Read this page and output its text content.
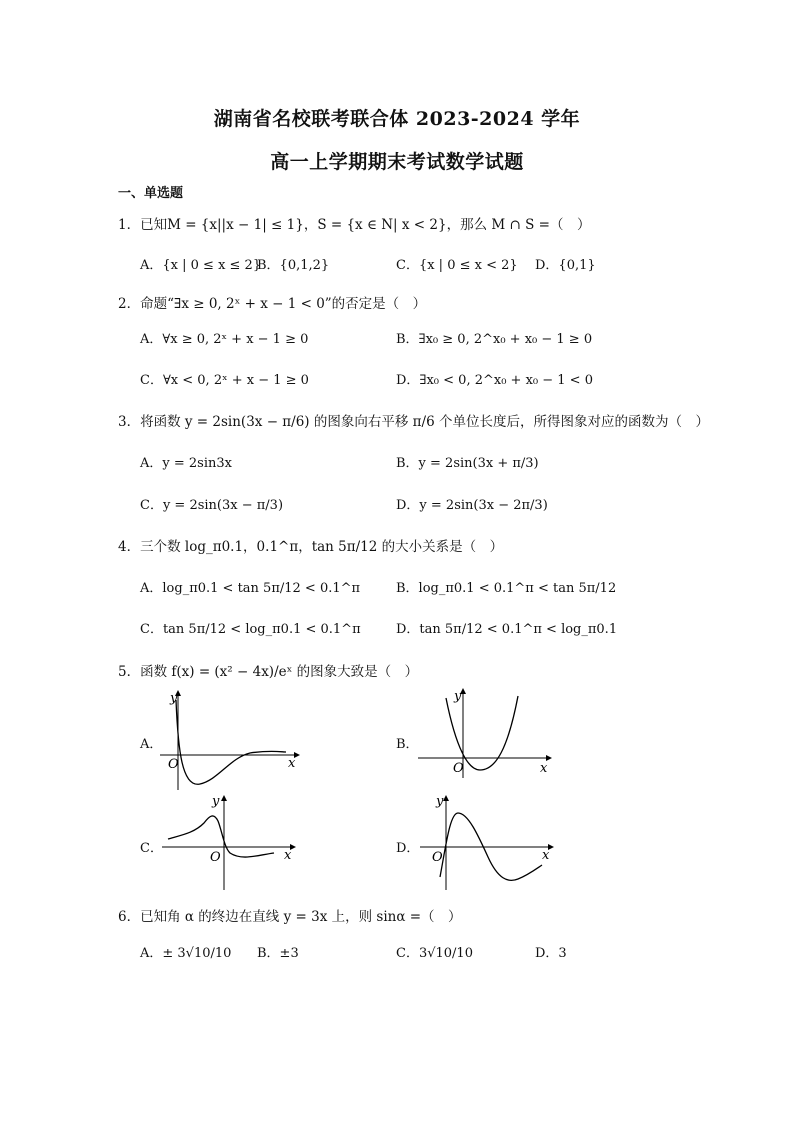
湖南省名校联考联合体 2023-2024 学年
高一上学期期末考试数学试题
一、单选题
1．已知M = {x||x − 1| ≤ 1}，S = {x ∈ N| x < 2}，那么 M ∩ S =（　）
A．{x | 0 ≤ x ≤ 2}
B．{0,1,2}	C．{x | 0 ≤ x < 2} D．{0,1}
2．命题“∃x ≥ 0, 2ˣ + x − 1 < 0”的否定是（　）
A．∀x ≥ 0, 2ˣ + x − 1 ≥ 0	B．∃x₀ ≥ 0, 2^x₀ + x₀ − 1 ≥ 0
C．∀x < 0, 2ˣ + x − 1 ≥ 0	D．∃x₀ < 0, 2^x₀ + x₀ − 1 < 0
3．将函数 y = 2sin(3x − π/6) 的图象向右平移 π/6 个单位长度后，所得图象对应的函数为（　）
A．y = 2sin3x	B．y = 2sin(3x + π/3)
C．y = 2sin(3x − π/3)	D．y = 2sin(3x − 2π/3)
4．三个数 log_π0.1，0.1^π，tan 5π/12 的大小关系是（　）
A．log_π0.1 < tan 5π/12 < 0.1^π	B．log_π0.1 < 0.1^π < tan 5π/12
C．tan 5π/12 < log_π0.1 < 0.1^π	D．tan 5π/12 < 0.1^π < log_π0.1
5．函数 f(x) = (x² − 4x)/eˣ 的图象大致是（　）
A．
y
x
O
B．
y
x
O
C．
y
x
O
D．
y
x
O
6．已知角 α 的终边在直线 y = 3x 上，则 sinα =（　）
A．± 3√10/10 B．±3	C．3√10/10	D．3
